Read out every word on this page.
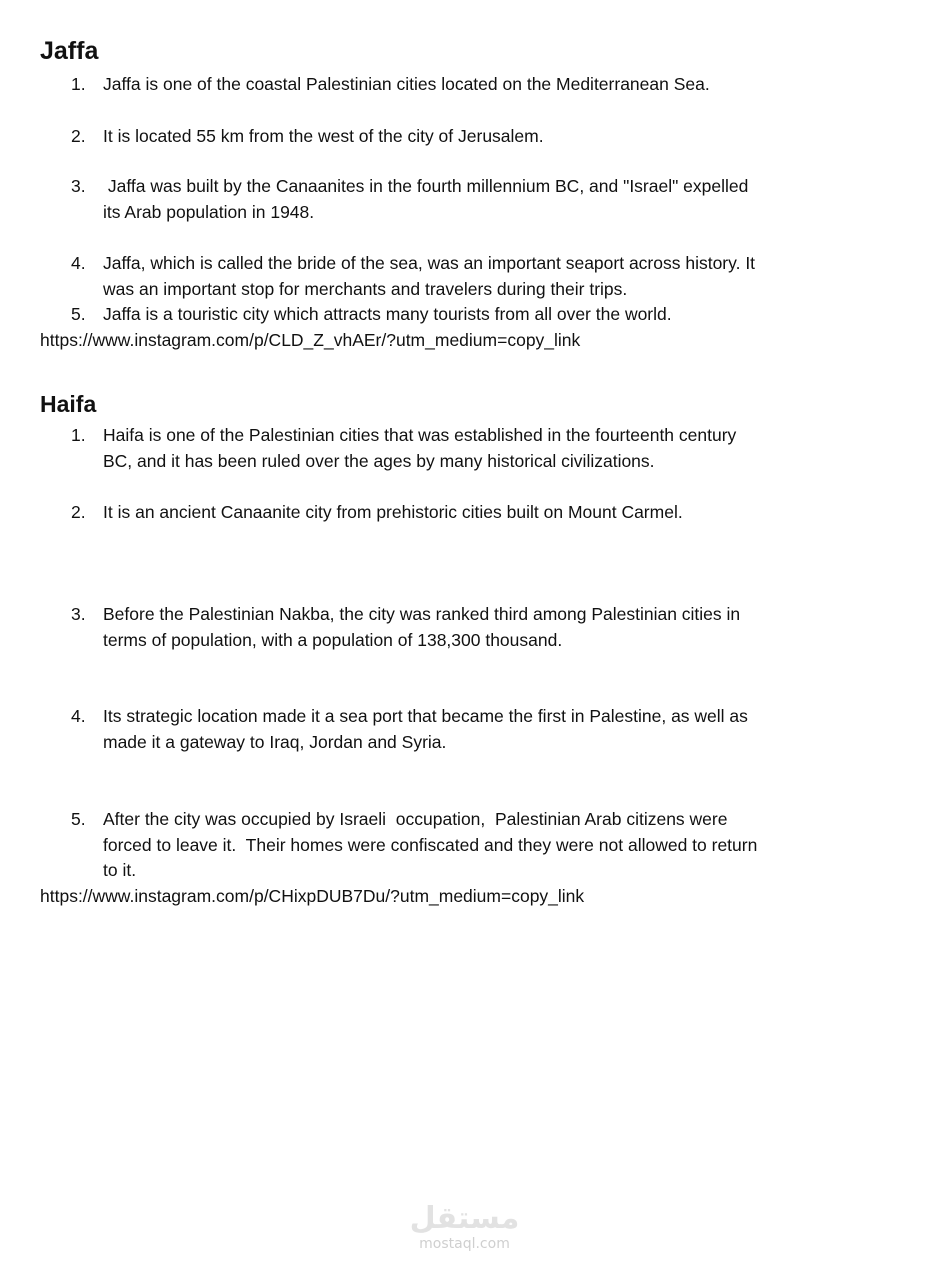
Jaffa
1. Jaffa is one of the coastal Palestinian cities located on the Mediterranean Sea.
2. It is located 55 km from the west of the city of Jerusalem.
3. Jaffa was built by the Canaanites in the fourth millennium BC, and "Israel" expelled
its Arab population in 1948.
4. Jaffa, which is called the bride of the sea, was an important seaport across history. It
was an important stop for merchants and travelers during their trips.
5. Jaffa is a touristic city which attracts many tourists from all over the world.
https://www.instagram.com/p/CLD_Z_vhAEr/?utm_medium=copy_link
Haifa
1. Haifa is one of the Palestinian cities that was established in the fourteenth century
BC, and it has been ruled over the ages by many historical civilizations.
2. It is an ancient Canaanite city from prehistoric cities built on Mount Carmel.
3. Before the Palestinian Nakba, the city was ranked third among Palestinian cities in
terms of population, with a population of 138,300 thousand.
4. Its strategic location made it a sea port that became the first in Palestine, as well as
made it a gateway to Iraq, Jordan and Syria.
5. After the city was occupied by Israeli  occupation,  Palestinian Arab citizens were
forced to leave it.  Their homes were confiscated and they were not allowed to return
to it.
https://www.instagram.com/p/CHixpDUB7Du/?utm_medium=copy_link
مستقل
mostaql.com
